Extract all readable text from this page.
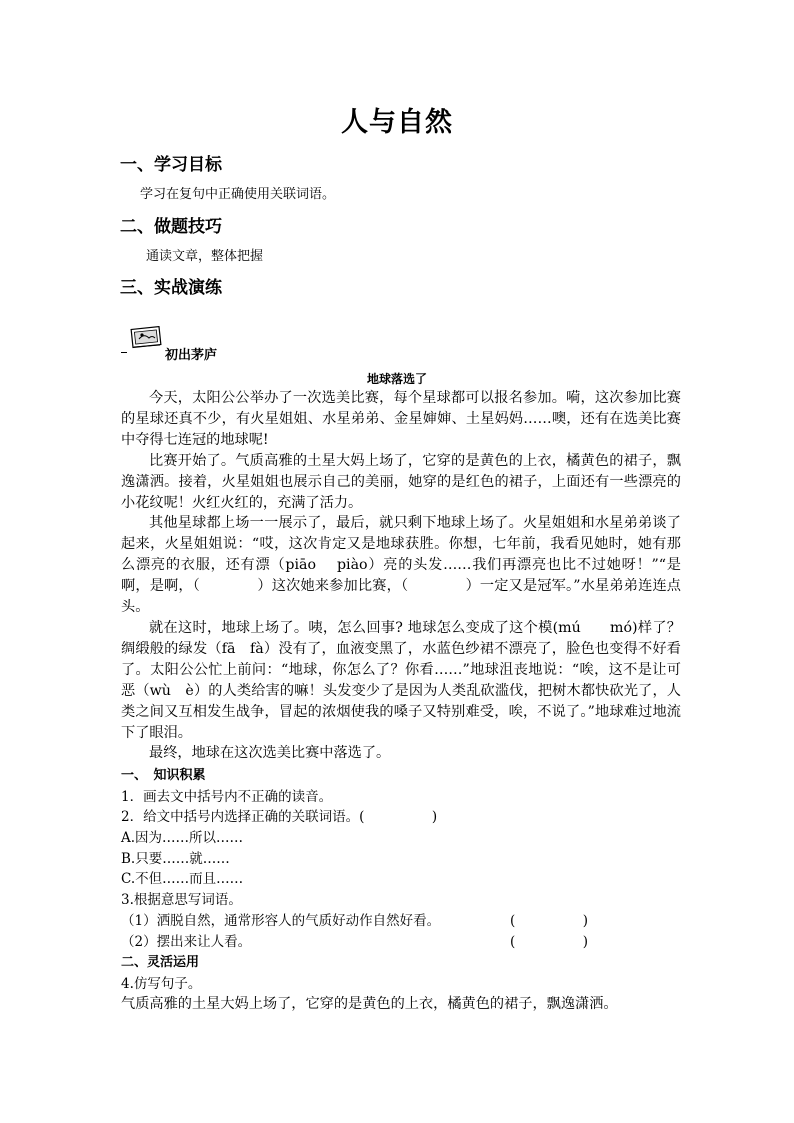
人与自然
一、学习目标
学习在复句中正确使用关联词语。
二、做题技巧
通读文章，整体把握
三、实战演练
初出茅庐
地球落选了

今天，太阳公公举办了一次选美比赛，每个星球都可以报名参加。嗬，这次参加比赛的星球还真不少，有火星姐姐、水星弟弟、金星婶婶、土星妈妈……噢，还有在选美比赛中夺得七连冠的地球呢!

比赛开始了。气质高雅的土星大妈上场了，它穿的是黄色的上衣，橘黄色的裙子，飘逸潇洒。接着，火星姐姐也展示自己的美丽，她穿的是红色的裙子，上面还有一些漂亮的小花纹呢！火红火红的，充满了活力。

其他星球都上场一一展示了，最后，就只剩下地球上场了。火星姐姐和水星弟弟谈了起来，火星姐姐说：“哎，这次肯定又是地球获胜。你想，七年前，我看见她时，她有那么漂亮的衣服，还有漂（piāo　 piào）亮的头发……我们再漂亮也比不过她呀！”“是啊，是啊，（　　　　）这次她来参加比赛，（　　　　）一定又是冠军。”水星弟弟连连点头。

就在这时，地球上场了。咦，怎么回事? 地球怎么变成了这个模(mú　　mó)样了？绸缎般的绿发（fā　fà）没有了，血液变黑了，水蓝色纱裙不漂亮了，脸色也变得不好看了。太阳公公忙上前问：“地球，你怎么了？你看……”地球沮丧地说：“唉，这不是让可恶（wù　è）的人类给害的嘛！头发变少了是因为人类乱砍滥伐，把树木都快砍光了，人类之间又互相发生战争，冒起的浓烟使我的嗓子又特别难受，唉，不说了。”地球难过地流下了眼泪。

最终，地球在这次选美比赛中落选了。

一、　知识积累
1．画去文中括号内不正确的读音。
2．给文中括号内选择正确的关联词语。(　　　　　)
A.因为……所以……
B.只要……就……
C.不但……而且……
3.根据意思写词语。
（1）洒脱自然，通常形容人的气质好动作自然好看。	(　　　　　)
（2）摆出来让人看。	(　　　　　)
二、灵活运用
4.仿写句子。
气质高雅的土星大妈上场了，它穿的是黄色的上衣，橘黄色的裙子，飘逸潇洒。
